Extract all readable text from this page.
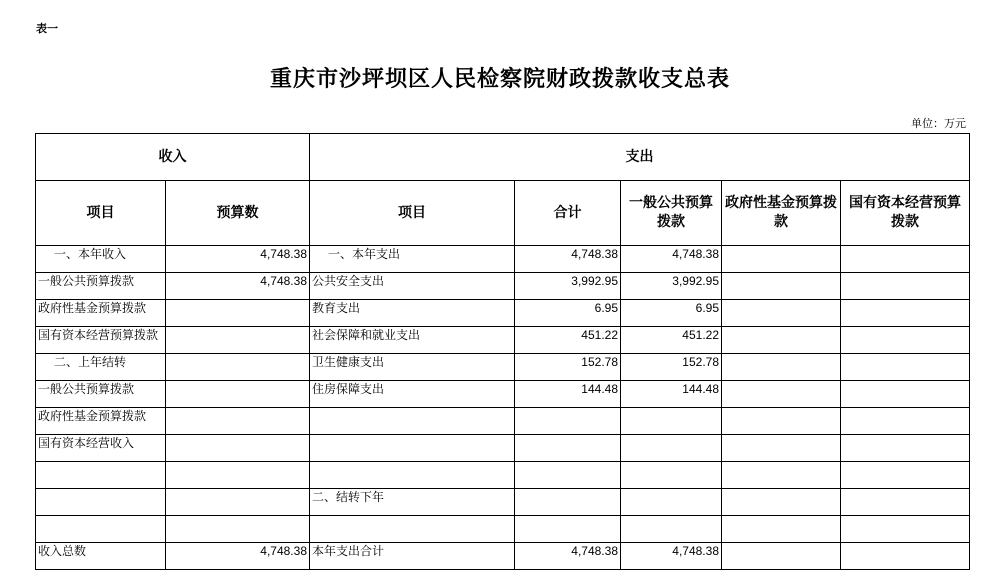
表一
重庆市沙坪坝区人民检察院财政拨款收支总表
单位：万元
收入		支出				
项目	预算数	项目	合计	一般公共预算拨款	政府性基金预算拨款	国有资本经营预算拨款
一、本年收入	4,748.38	一、本年支出	4,748.38	4,748.38		
一般公共预算拨款	4,748.38	公共安全支出	3,992.95	3,992.95		
政府性基金预算拨款		教育支出	6.95	6.95		
国有资本经营预算拨款		社会保障和就业支出	451.22	451.22		
二、上年结转		卫生健康支出	152.78	152.78		
一般公共预算拨款		住房保障支出	144.48	144.48		
政府性基金预算拨款						
国有资本经营收入						

		二、结转下年				

收入总数	4,748.38	本年支出合计	4,748.38	4,748.38		
